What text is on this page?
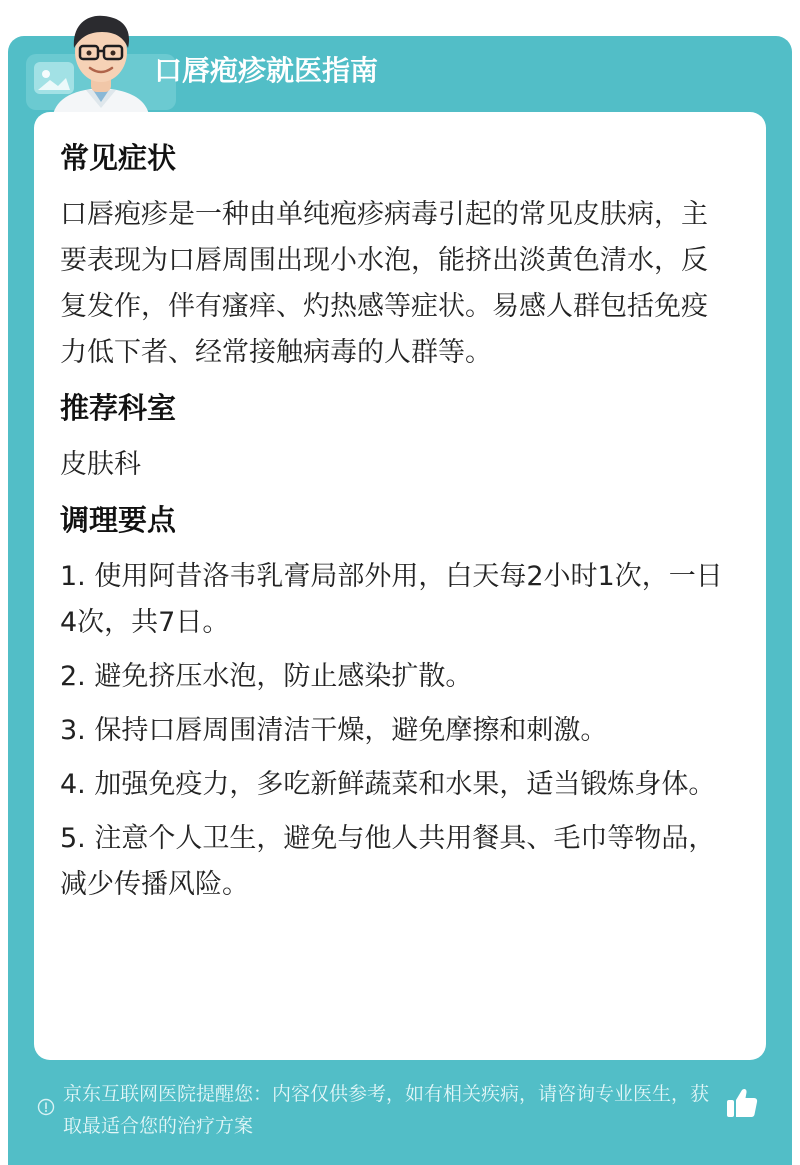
口唇疱疹就医指南
常见症状

口唇疱疹是一种由单纯疱疹病毒引起的常见皮肤病，主要表现为口唇周围出现小水泡，能挤出淡黄色清水，反复发作，伴有瘙痒、灼热感等症状。易感人群包括免疫力低下者、经常接触病毒的人群等。

推荐科室

皮肤科

调理要点

1. 使用阿昔洛韦乳膏局部外用，白天每2小时1次，一日4次，共7日。

2. 避免挤压水泡，防止感染扩散。

3. 保持口唇周围清洁干燥，避免摩擦和刺激。

4. 加强免疫力，多吃新鲜蔬菜和水果，适当锻炼身体。

5. 注意个人卫生，避免与他人共用餐具、毛巾等物品，减少传播风险。

京东互联网医院提醒您：内容仅供参考，如有相关疾病，请咨询专业医生，获取最适合您的治疗方案
